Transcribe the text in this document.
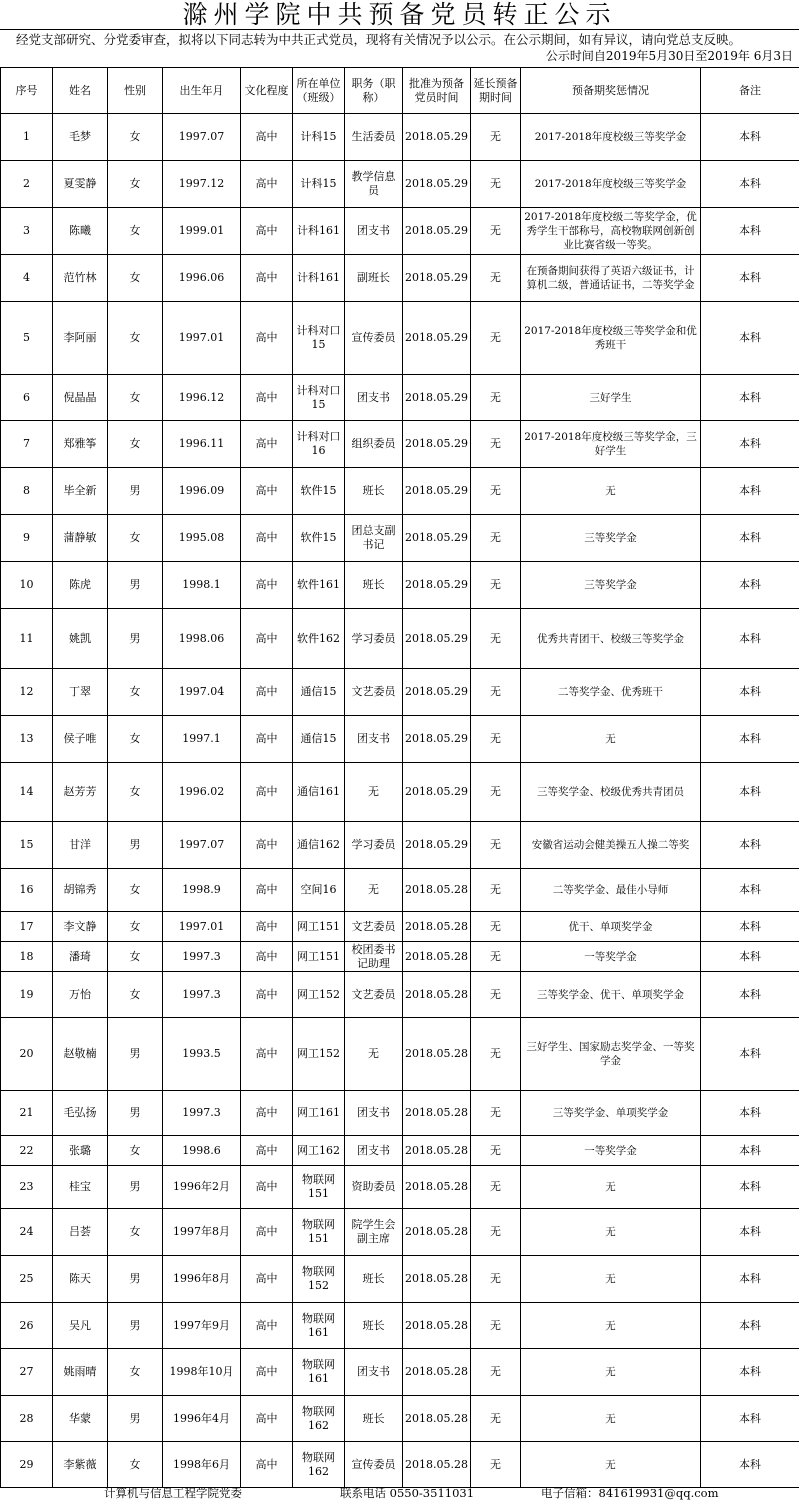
滁州学院中共预备党员转正公示
经党支部研究、分党委审查，拟将以下同志转为中共正式党员，现将有关情况予以公示。在公示期间，如有异议，请向党总支反映。
公示时间自2019年5月30日至2019年 6月3日
序号	姓名	性别	出生年月	文化程度	所在单位（班级）	职务（职称）	批准为预备党员时间	延长预备期时间	预备期奖惩情况	备注
1	毛梦	女	1997.07	高中	计科15	生活委员	2018.05.29	无	2017-2018年度校级三等奖学金	本科
2	夏雯静	女	1997.12	高中	计科15	教学信息员	2018.05.29	无	2017-2018年度校级三等奖学金	本科
3	陈曦	女	1999.01	高中	计科161	团支书	2018.05.29	无	2017-2018年度校级二等奖学金，优秀学生干部称号，高校物联网创新创业比赛省级一等奖。	本科
4	范竹林	女	1996.06	高中	计科161	副班长	2018.05.29	无	在预备期间获得了英语六级证书，计算机二级，普通话证书，二等奖学金	本科
5	李阿丽	女	1997.01	高中	计科对口15	宣传委员	2018.05.29	无	2017-2018年度校级三等奖学金和优秀班干	本科
6	倪晶晶	女	1996.12	高中	计科对口15	团支书	2018.05.29	无	三好学生	本科
7	郑雅筝	女	1996.11	高中	计科对口16	组织委员	2018.05.29	无	2017-2018年度校级三等奖学金，三好学生	本科
8	毕全新	男	1996.09	高中	软件15	班长	2018.05.29	无	无	本科
9	蒲静敏	女	1995.08	高中	软件15	团总支副书记	2018.05.29	无	三等奖学金	本科
10	陈虎	男	1998.1	高中	软件161	班长	2018.05.29	无	三等奖学金	本科
11	姚凯	男	1998.06	高中	软件162	学习委员	2018.05.29	无	优秀共青团干、校级三等奖学金	本科
12	丁翠	女	1997.04	高中	通信15	文艺委员	2018.05.29	无	二等奖学金、优秀班干	本科
13	侯子唯	女	1997.1	高中	通信15	团支书	2018.05.29	无	无	本科
14	赵芳芳	女	1996.02	高中	通信161	无	2018.05.29	无	三等奖学金、校级优秀共青团员	本科
15	甘洋	男	1997.07	高中	通信162	学习委员	2018.05.29	无	安徽省运动会健美操五人操二等奖	本科
16	胡锦秀	女	1998.9	高中	空间16	无	2018.05.28	无	二等奖学金、最佳小导师	本科
17	李文静	女	1997.01	高中	网工151	文艺委员	2018.05.28	无	优干、单项奖学金	本科
18	潘琦	女	1997.3	高中	网工151	校团委书记助理	2018.05.28	无	一等奖学金	本科
19	万怡	女	1997.3	高中	网工152	文艺委员	2018.05.28	无	三等奖学金、优干、单项奖学金	本科
20	赵敬楠	男	1993.5	高中	网工152	无	2018.05.28	无	三好学生、国家励志奖学金、一等奖学金	本科
21	毛弘扬	男	1997.3	高中	网工161	团支书	2018.05.28	无	三等奖学金、单项奖学金	本科
22	张璐	女	1998.6	高中	网工162	团支书	2018.05.28	无	一等奖学金	本科
23	桂宝	男	1996年2月	高中	物联网151	资助委员	2018.05.28	无	无	本科
24	吕荟	女	1997年8月	高中	物联网151	院学生会副主席	2018.05.28	无	无	本科
25	陈天	男	1996年8月	高中	物联网152	班长	2018.05.28	无	无	本科
26	吴凡	男	1997年9月	高中	物联网161	班长	2018.05.28	无	无	本科
27	姚雨晴	女	1998年10月	高中	物联网161	团支书	2018.05.28	无	无	本科
28	华蒙	男	1996年4月	高中	物联网162	班长	2018.05.28	无	无	本科
29	李紫薇	女	1998年6月	高中	物联网162	宣传委员	2018.05.28	无	无	本科
计算机与信息工程学院党委	联系电话 0550-3511031	电子信箱：841619931@qq.com
